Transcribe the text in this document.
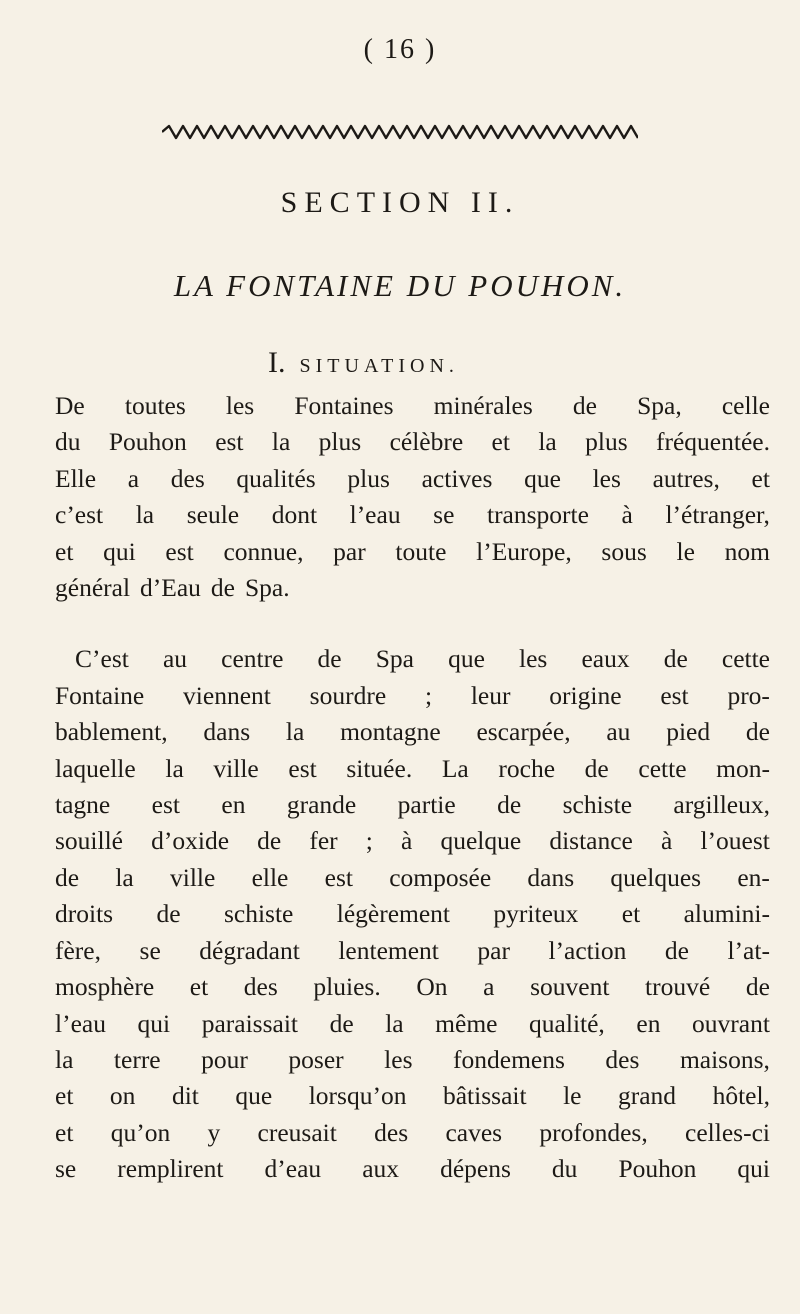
( 16 )
SECTION II.
LA FONTAINE DU POUHON.
I. SITUATION.
De toutes les Fontaines minérales de Spa, celle
du Pouhon est la plus célèbre et la plus fréquentée.
Elle a des qualités plus actives que les autres, et
c’est la seule dont l’eau se transporte à l’étranger,
et qui est connue, par toute l’Europe, sous le nom
général d’Eau de Spa.
C’est au centre de Spa que les eaux de cette
Fontaine viennent sourdre ; leur origine est pro-
bablement, dans la montagne escarpée, au pied de
laquelle la ville est située. La roche de cette mon-
tagne est en grande partie de schiste argilleux,
souillé d’oxide de fer ; à quelque distance à l’ouest
de la ville elle est composée dans quelques en-
droits de schiste légèrement pyriteux et alumini-
fère, se dégradant lentement par l’action de l’at-
mosphère et des pluies. On a souvent trouvé de
l’eau qui paraissait de la même qualité, en ouvrant
la terre pour poser les fondemens des maisons,
et on dit que lorsqu’on bâtissait le grand hôtel,
et qu’on y creusait des caves profondes, celles-ci
se remplirent d’eau aux dépens du Pouhon qui
